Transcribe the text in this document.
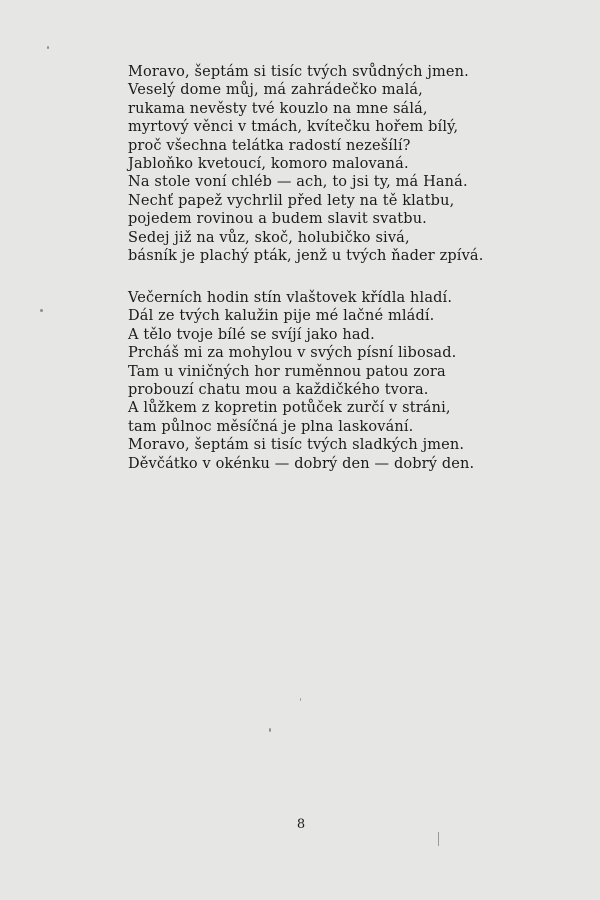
Moravo, šeptám si tisíc tvých svůdných jmen.
Veselý dome můj, má zahrádečko malá,
rukama nevěsty tvé kouzlo na mne sálá,
myrtový věnci v tmách, kvítečku hořem bílý,
proč všechna telátka radostí nezešílí?
Jabloňko kvetoucí, komoro malovaná.
Na stole voní chléb — ach, to jsi ty, má Haná.
Nechť papež vychrlil před lety na tě klatbu,
pojedem rovinou a budem slavit svatbu.
Sedej již na vůz, skoč, holubičko sivá,
básník je plachý pták, jenž u tvých ňader zpívá.
Večerních hodin stín vlaštovek křídla hladí.
Dál ze tvých kalužin pije mé lačné mládí.
A tělo tvoje bílé se svíjí jako had.
Prcháš mi za mohylou v svých písní libosad.
Tam u viničných hor ruměnnou patou zora
probouzí chatu mou a každičkého tvora.
A lůžkem z kopretin potůček zurčí v stráni,
tam půlnoc měsíčná je plna laskování.
Moravo, šeptám si tisíc tvých sladkých jmen.
Děvčátko v okénku — dobrý den — dobrý den.
8
